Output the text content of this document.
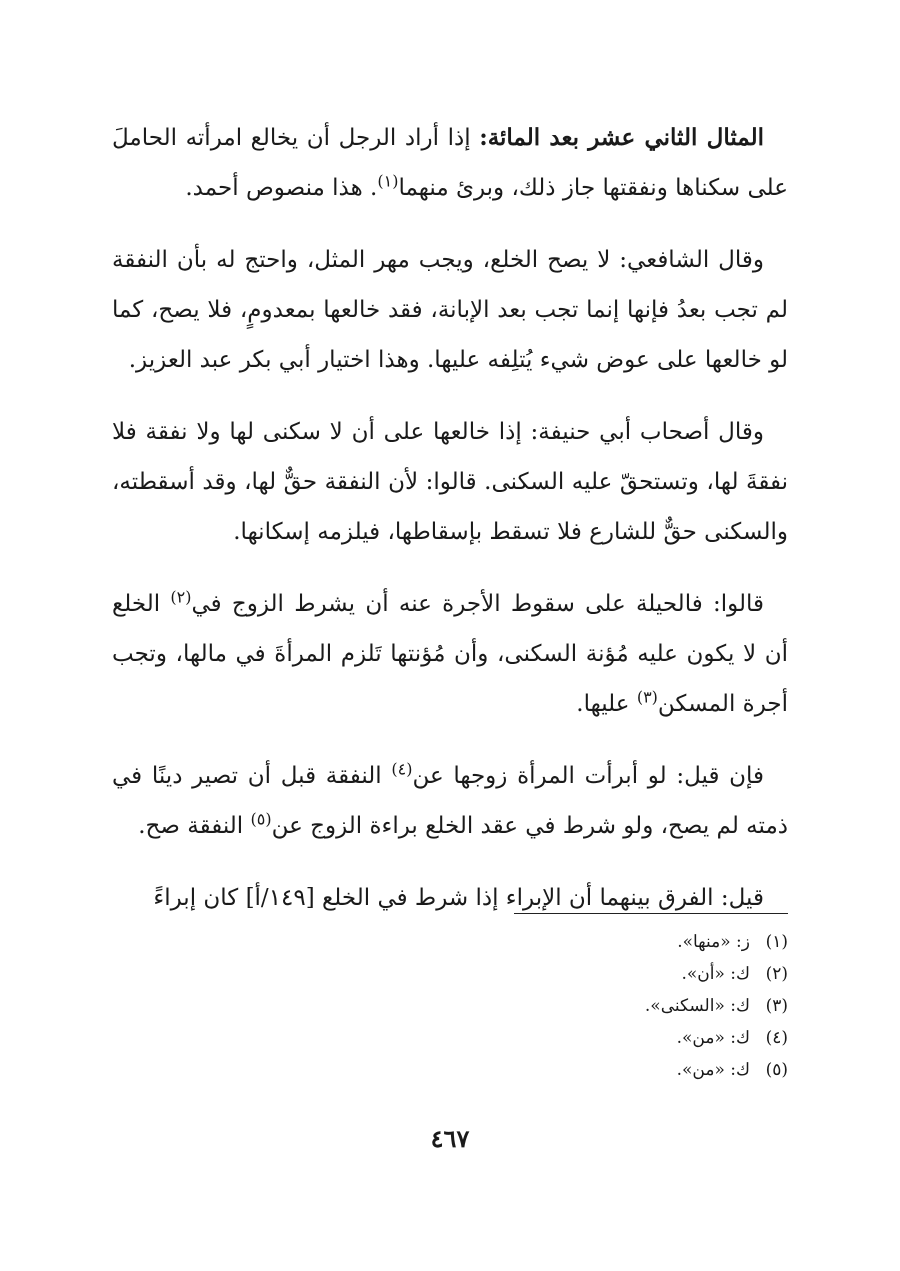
المثال الثاني عشر بعد المائة: إذا أراد الرجل أن يخالع امرأته الحاملَ على سكناها ونفقتها جاز ذلك، وبرئ منهما$^{(١)}$. هذا منصوص أحمد.

وقال الشافعي: لا يصح الخلع، ويجب مهر المثل، واحتج له بأن النفقة لم تجب بعدُ فإنها إنما تجب بعد الإبانة، فقد خالعها بمعدومٍ، فلا يصح، كما لو خالعها على عوض شيء يُتلِفه عليها. وهذا اختيار أبي بكر عبد العزيز.

وقال أصحاب أبي حنيفة: إذا خالعها على أن لا سكنى لها ولا نفقة فلا نفقةَ لها، وتستحقّ عليه السكنى. قالوا: لأن النفقة حقٌّ لها، وقد أسقطته، والسكنى حقٌّ للشارع فلا تسقط بإسقاطها، فيلزمه إسكانها.

قالوا: فالحيلة على سقوط الأجرة عنه أن يشرط الزوج في$^{(٢)}$ الخلع أن لا يكون عليه مُؤنة السكنى، وأن مُؤنتها تَلزم المرأةَ في مالها، وتجب أجرة المسكن$^{(٣)}$ عليها.

فإن قيل: لو أبرأت المرأة زوجها عن$^{(٤)}$ النفقة قبل أن تصير دينًا في ذمته لم يصح، ولو شرط في عقد الخلع براءة الزوج عن$^{(٥)}$ النفقة صح.

قيل: الفرق بينهما أن الإبراء إذا شرط في الخلع [١٤٩/أ] كان إبراءً

(١)ز: «منها».
(٢)ك: «أن».
(٣)ك: «السكنى».
(٤)ك: «من».
(٥)ك: «من».
٤٦٧
